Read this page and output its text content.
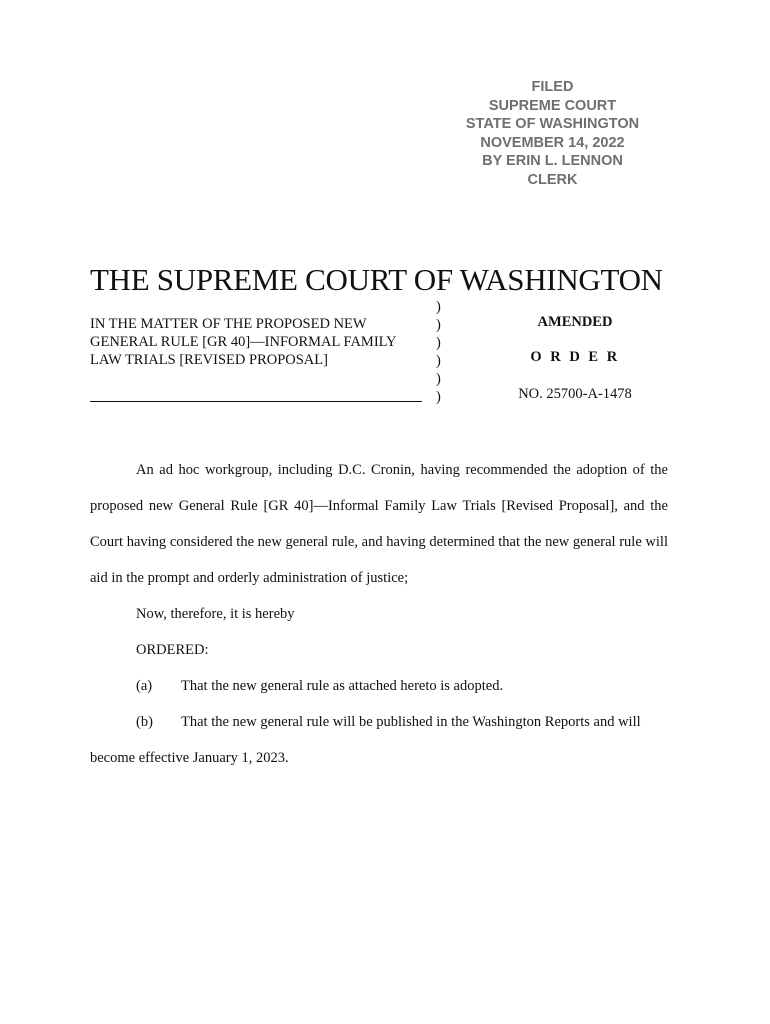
FILED
SUPREME COURT
STATE OF WASHINGTON
NOVEMBER 14, 2022
BY ERIN L. LENNON
CLERK
THE SUPREME COURT OF WASHINGTON
IN THE MATTER OF THE PROPOSED NEW
GENERAL RULE [GR 40]—INFORMAL FAMILY
LAW TRIALS [REVISED PROPOSAL]
)
)
)
)
)
)
AMENDED
O R D E R
NO. 25700-A-1478

An ad hoc workgroup, including D.C. Cronin, having recommended the adoption of the proposed new General Rule [GR 40]—Informal Family Law Trials [Revised Proposal], and the Court having considered the new general rule, and having determined that the new general rule will aid in the prompt and orderly administration of justice;

Now, therefore, it is hereby
ORDERED:
(a) That the new general rule as attached hereto is adopted.
(b) That the new general rule will be published in the Washington Reports and will
become effective January 1, 2023.
